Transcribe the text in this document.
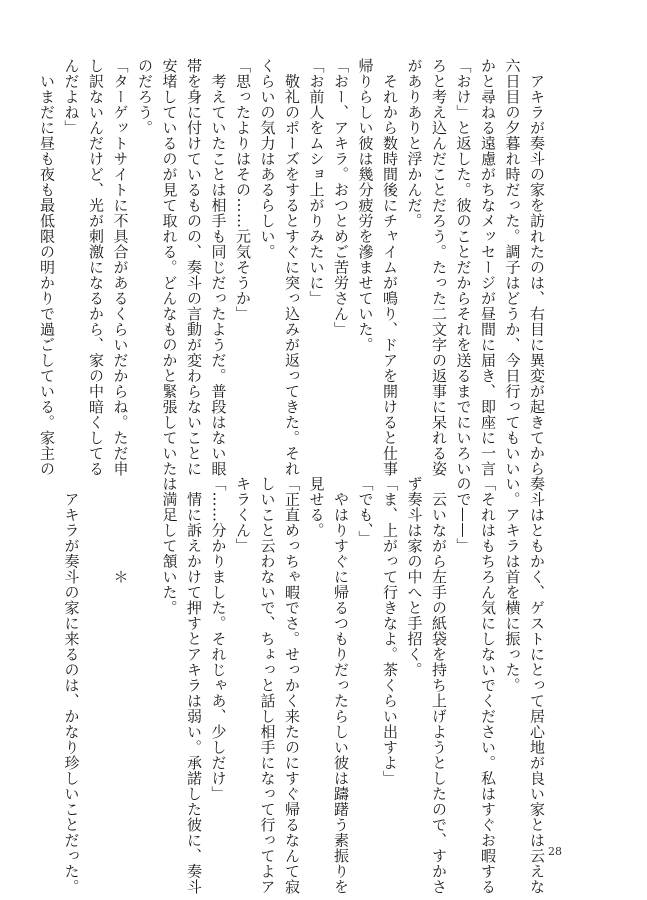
　アキラが奏斗の家を訪れたのは、右目に異変が起きてから
六日目の夕暮れ時だった。調子はどうか、今日行ってもいい
かと尋ねる遠慮がちなメッセージが昼間に届き、即座に一言
「おけ」と返した。彼のことだからそれを送るまでにいろい
ろと考え込んだことだろう。たった二文字の返事に呆れる姿
がありありと浮かんだ。
　それから数時間後にチャイムが鳴り、ドアを開けると仕事
帰りらしい彼は幾分疲労を滲ませていた。
「おー、アキラ。おつとめご苦労さん」
「お前人をムショ上がりみたいに」
　敬礼のポーズをするとすぐに突っ込みが返ってきた。それ
くらいの気力はあるらしい。
「思ったよりはその……元気そうか」
　考えていたことは相手も同じだったようだ。普段はない眼
帯を身に付けているものの、奏斗の言動が変わらないことに
安堵しているのが見て取れる。どんなものかと緊張していた
のだろう。
「ターゲットサイトに不具合があるくらいだからね。ただ申
し訳ないんだけど、光が刺激になるから、家の中暗くしてる
んだよね」
　いまだに昼も夜も最低限の明かりで過ごしている。家主の
奏斗はともかく、ゲストにとって居心地が良い家とは云えな
い。アキラは首を横に振った。
「それはもちろん気にしないでください。私はすぐお暇する
ので——」
　云いながら左手の紙袋を持ち上げようとしたので、すかさ
ず奏斗は家の中へと手招く。
「ま、上がって行きなよ。茶くらい出すよ」
「でも、」
　やはりすぐに帰るつもりだったらしい彼は躊躇う素振りを
見せる。
「正直めっちゃ暇でさ。せっかく来たのにすぐ帰るなんて寂
しいこと云わないで、ちょっと話し相手になって行ってよア
キラくん」
「……分かりました。それじゃあ、少しだけ」
　情に訴えかけて押すとアキラは弱い。承諾した彼に、奏斗
は満足して頷いた。

　　　　　　＊

　アキラが奏斗の家に来るのは、かなり珍しいことだった。	28
